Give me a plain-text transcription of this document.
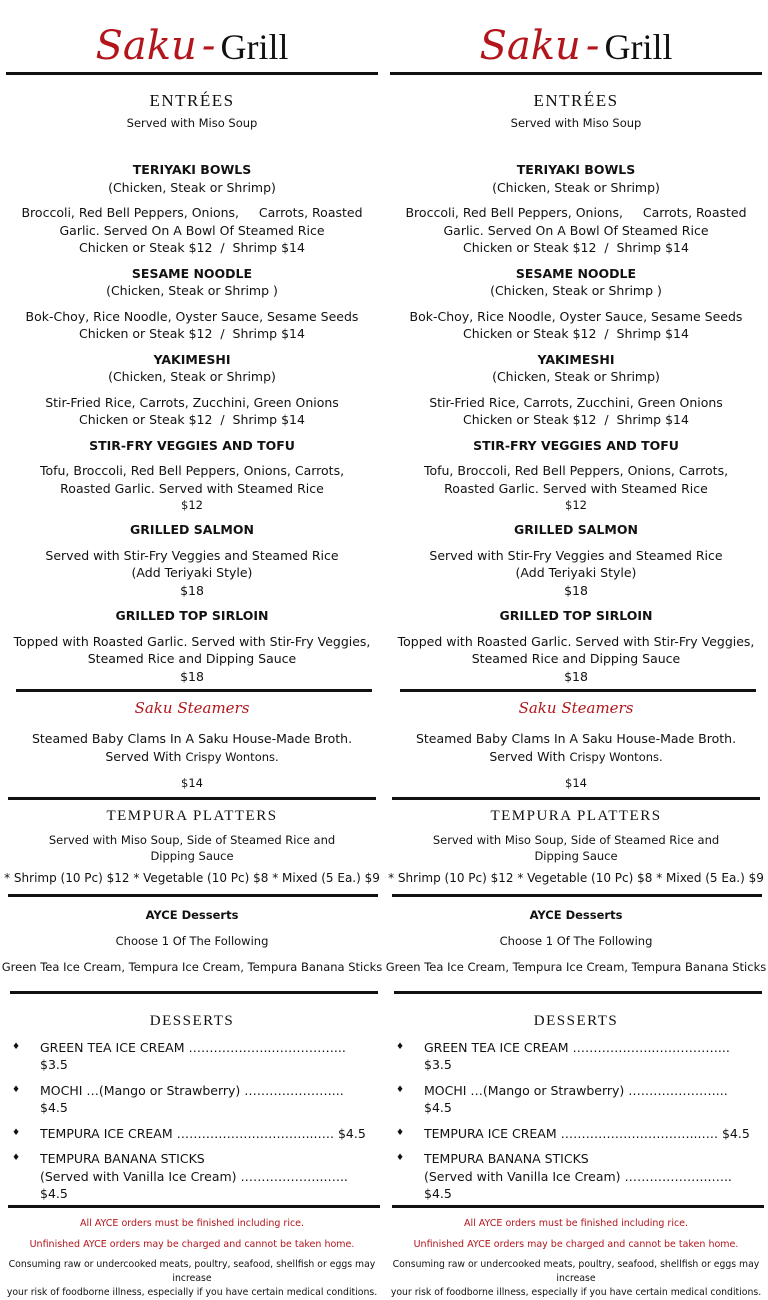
Saku - Grill
ENTRÉES
Served with Miso Soup
TERIYAKI BOWLS
(Chicken, Steak or Shrimp)
Broccoli, Red Bell Peppers, Onions,     Carrots, Roasted
Garlic. Served On A Bowl Of Steamed Rice
Chicken or Steak $12  /  Shrimp $14
SESAME NOODLE
(Chicken, Steak or Shrimp )
Bok-Choy, Rice Noodle, Oyster Sauce, Sesame Seeds
Chicken or Steak $12  /  Shrimp $14
YAKIMESHI
(Chicken, Steak or Shrimp)
Stir-Fried Rice, Carrots, Zucchini, Green Onions
Chicken or Steak $12  /  Shrimp $14
STIR-FRY VEGGIES AND TOFU
Tofu, Broccoli, Red Bell Peppers, Onions, Carrots,
Roasted Garlic. Served with Steamed Rice
$12
GRILLED SALMON
Served with Stir-Fry Veggies and Steamed Rice
(Add Teriyaki Style)
$18
GRILLED TOP SIRLOIN
Topped with Roasted Garlic. Served with Stir-Fry Veggies,
Steamed Rice and Dipping Sauce
$18
Saku Steamers
Steamed Baby Clams In A Saku House-Made Broth.
Served With Crispy Wontons.
$14
TEMPURA PLATTERS
Served with Miso Soup, Side of Steamed Rice and
Dipping Sauce
* Shrimp (10 Pc) $12 * Vegetable (10 Pc) $8 * Mixed (5 Ea.) $9
AYCE Desserts
Choose 1 Of The Following
Green Tea Ice Cream, Tempura Ice Cream, Tempura Banana Sticks
DESSERTS
♦	GREEN TEA ICE CREAM ………………..……………... $3.5
♦	MOCHI …(Mango or Strawberry) …………………... $4.5
♦	TEMPURA ICE CREAM ……………….…………...…. $4.5
♦	TEMPURA BANANA STICKS
(Served with Vanilla Ice Cream) ………………...….. $4.5
All AYCE orders must be finished including rice.
Unfinished AYCE orders may be charged and cannot be taken home.
Consuming raw or undercooked meats, poultry, seafood, shellfish or eggs may increase
your risk of foodborne illness, especially if you have certain medical conditions.
Saku - Grill
ENTRÉES
Served with Miso Soup
TERIYAKI BOWLS
(Chicken, Steak or Shrimp)
Broccoli, Red Bell Peppers, Onions,     Carrots, Roasted
Garlic. Served On A Bowl Of Steamed Rice
Chicken or Steak $12  /  Shrimp $14
SESAME NOODLE
(Chicken, Steak or Shrimp )
Bok-Choy, Rice Noodle, Oyster Sauce, Sesame Seeds
Chicken or Steak $12  /  Shrimp $14
YAKIMESHI
(Chicken, Steak or Shrimp)
Stir-Fried Rice, Carrots, Zucchini, Green Onions
Chicken or Steak $12  /  Shrimp $14
STIR-FRY VEGGIES AND TOFU
Tofu, Broccoli, Red Bell Peppers, Onions, Carrots,
Roasted Garlic. Served with Steamed Rice
$12
GRILLED SALMON
Served with Stir-Fry Veggies and Steamed Rice
(Add Teriyaki Style)
$18
GRILLED TOP SIRLOIN
Topped with Roasted Garlic. Served with Stir-Fry Veggies,
Steamed Rice and Dipping Sauce
$18
Saku Steamers
Steamed Baby Clams In A Saku House-Made Broth.
Served With Crispy Wontons.
$14
TEMPURA PLATTERS
Served with Miso Soup, Side of Steamed Rice and
Dipping Sauce
* Shrimp (10 Pc) $12 * Vegetable (10 Pc) $8 * Mixed (5 Ea.) $9
AYCE Desserts
Choose 1 Of The Following
Green Tea Ice Cream, Tempura Ice Cream, Tempura Banana Sticks
DESSERTS
♦	GREEN TEA ICE CREAM ………………..……………... $3.5
♦	MOCHI …(Mango or Strawberry) …………………... $4.5
♦	TEMPURA ICE CREAM ……………….…………...…. $4.5
♦	TEMPURA BANANA STICKS
(Served with Vanilla Ice Cream) ………………...….. $4.5
All AYCE orders must be finished including rice.
Unfinished AYCE orders may be charged and cannot be taken home.
Consuming raw or undercooked meats, poultry, seafood, shellfish or eggs may increase
your risk of foodborne illness, especially if you have certain medical conditions.
